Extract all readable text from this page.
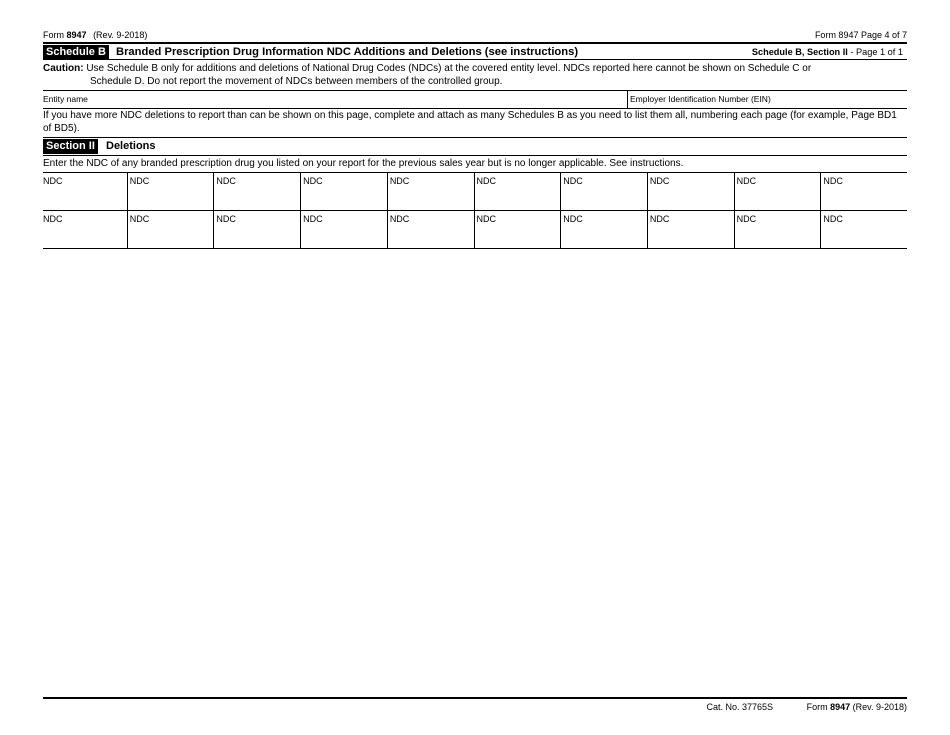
Form 8947 (Rev. 9-2018)	Form 8947 Page 4 of 7
Schedule B Branded Prescription Drug Information NDC Additions and Deletions (see instructions)	Schedule B, Section II - Page 1 of 1
Caution: Use Schedule B only for additions and deletions of National Drug Codes (NDCs) at the covered entity level. NDCs reported here cannot be shown on Schedule C or
Schedule D. Do not report the movement of NDCs between members of the controlled group.
Entity name	Employer Identification Number (EIN)
If you have more NDC deletions to report than can be shown on this page, complete and attach as many Schedules B as you need to list them all, numbering each page (for example, Page BD1 of BD5).
Section II Deletions
Enter the NDC of any branded prescription drug you listed on your report for the previous sales year but is no longer applicable. See instructions.
NDC	NDC	NDC	NDC	NDC	NDC	NDC	NDC	NDC	NDC
NDC	NDC	NDC	NDC	NDC	NDC	NDC	NDC	NDC	NDC
Cat. No. 37765S	Form 8947 (Rev. 9-2018)
